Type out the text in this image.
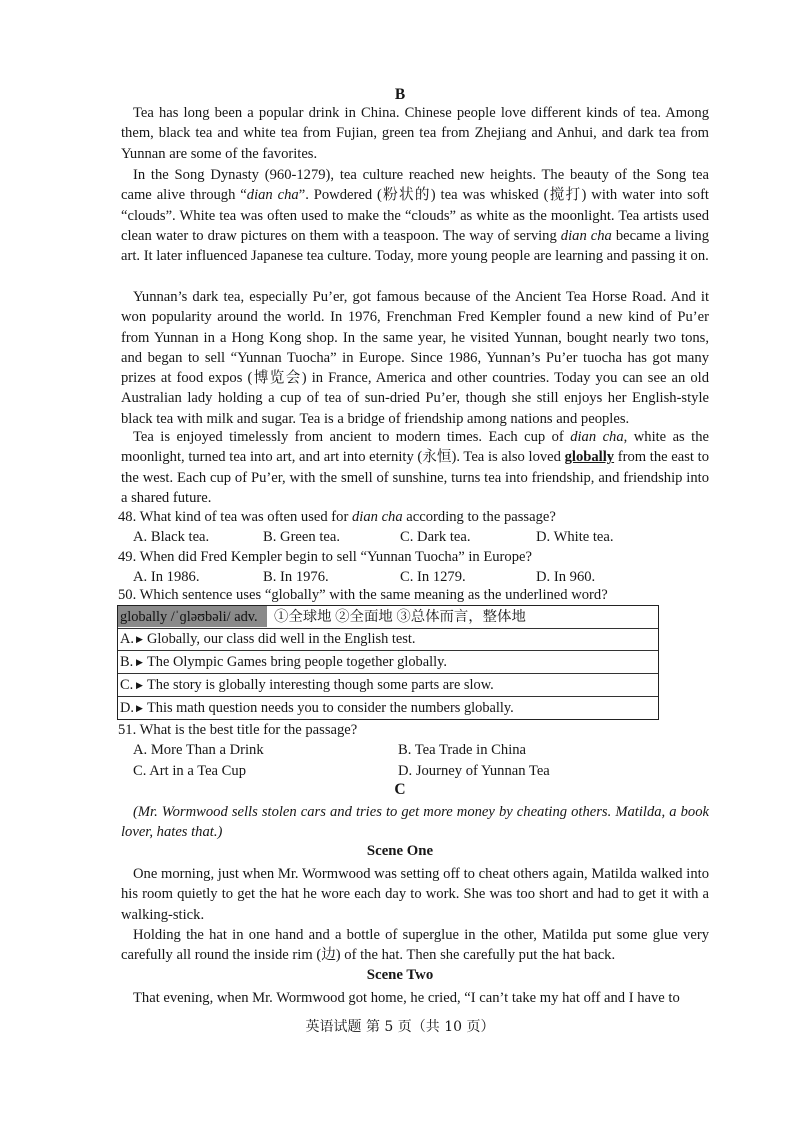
B

Tea has long been a popular drink in China. Chinese people love different kinds of tea. Among them, black tea and white tea from Fujian, green tea from Zhejiang and Anhui, and dark tea from Yunnan are some of the favorites.

In the Song Dynasty (960-1279), tea culture reached new heights. The beauty of the Song tea came alive through “dian cha”. Powdered (粉状的) tea was whisked (搅打) with water into soft “clouds”. White tea was often used to make the “clouds” as white as the moonlight. Tea artists used clean water to draw pictures on them with a teaspoon. The way of serving dian cha became a living art. It later influenced Japanese tea culture. Today, more young people are learning and passing it on.

Yunnan’s dark tea, especially Pu’er, got famous because of the Ancient Tea Horse Road. And it won popularity around the world. In 1976, Frenchman Fred Kempler found a new kind of Pu’er from Yunnan in a Hong Kong shop. In the same year, he visited Yunnan, bought nearly two tons, and began to sell “Yunnan Tuocha” in Europe. Since 1986, Yunnan’s Pu’er tuocha has got many prizes at food expos (博览会) in France, America and other countries. Today you can see an old Australian lady holding a cup of tea of sun-dried Pu’er, though she still enjoys her English-style black tea with milk and sugar. Tea is a bridge of friendship among nations and peoples.

Tea is enjoyed timelessly from ancient to modern times. Each cup of dian cha, white as the moonlight, turned tea into art, and art into eternity (永恒). Tea is also loved globally from the east to the west. Each cup of Pu’er, with the smell of sunshine, turns tea into friendship, and friendship into a shared future.

48. What kind of tea was often used for dian cha according to the passage?
A. Black tea.	B. Green tea.	C. Dark tea.	D. White tea.
49. When did Fred Kempler begin to sell “Yunnan Tuocha” in Europe?
A. In 1986.	B. In 1976.	C. In 1279.	D. In 960.
50. Which sentence uses “globally” with the same meaning as the underlined word?
globally /ˈɡləʊbəli/ adv.	①全球地 ②全面地 ③总体而言，整体地
A. ▶ Globally, our class did well in the English test.
B. ▶ The Olympic Games bring people together globally.
C. ▶ The story is globally interesting though some parts are slow.
D. ▶ This math question needs you to consider the numbers globally.
51. What is the best title for the passage?
A. More Than a Drink	B. Tea Trade in China
C. Art in a Tea Cup	D. Journey of Yunnan Tea
C

(Mr. Wormwood sells stolen cars and tries to get more money by cheating others. Matilda, a book lover, hates that.)

Scene One

One morning, just when Mr. Wormwood was setting off to cheat others again, Matilda walked into his room quietly to get the hat he wore each day to work. She was too short and had to get it with a walking-stick.

Holding the hat in one hand and a bottle of superglue in the other, Matilda put some glue very carefully all round the inside rim (边) of the hat. Then she carefully put the hat back.

Scene Two

That evening, when Mr. Wormwood got home, he cried, “I can’t take my hat off and I have to

英语试题 第 5 页（共 10 页）
